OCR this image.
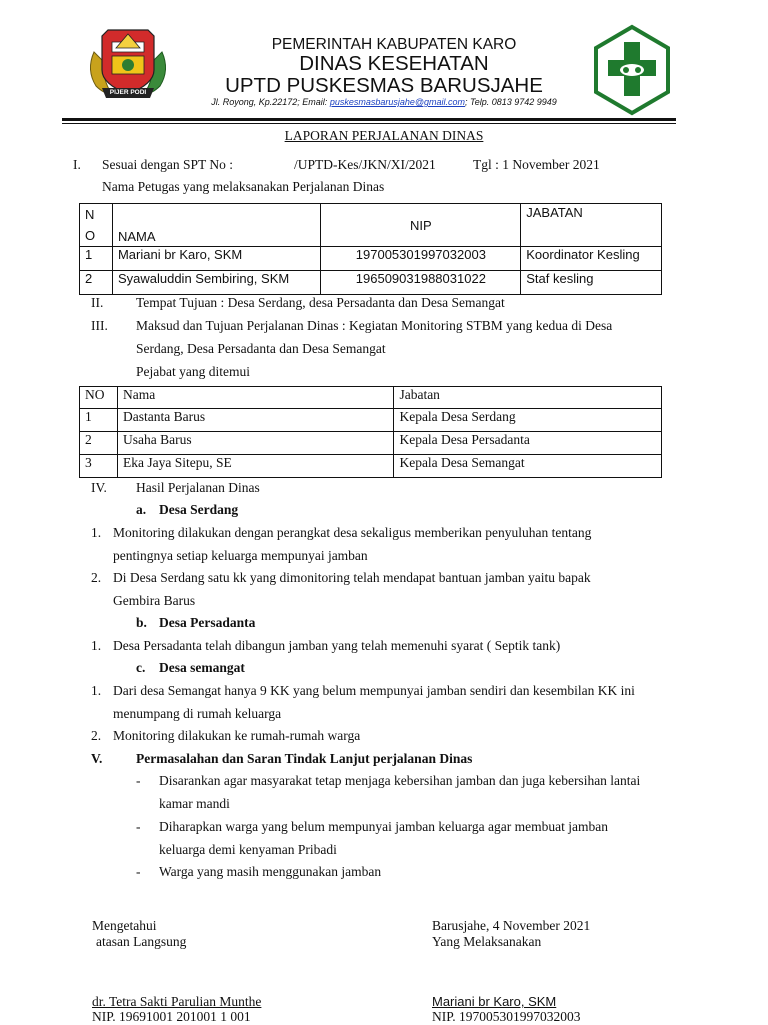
PIJER PODI
PEMERINTAH KABUPATEN KARO
DINAS KESEHATAN
UPTD PUSKESMAS BARUSJAHE
Jl. Royong, Kp.22172; Email: puskesmasbarusjahe@gmail.com; Telp. 0813 9742 9949
LAPORAN PERJALANAN DINAS
I. Sesuai dengan SPT No :	/UPTD-Kes/JKN/XI/2021	Tgl : 1 November 2021
Nama Petugas yang melaksanakan Perjalanan Dinas
N
O	NAMA	NIP	JABATAN
1	Mariani br Karo, SKM	197005301997032003	Koordinator Kesling
2	Syawaluddin Sembiring, SKM	196509031988031022	Staf kesling
II. Tempat Tujuan : Desa Serdang, desa Persadanta dan Desa Semangat
III. Maksud dan Tujuan Perjalanan Dinas : Kegiatan Monitoring STBM yang kedua di Desa
Serdang, Desa Persadanta dan Desa Semangat
Pejabat yang ditemui
NO	Nama	Jabatan
1	Dastanta Barus	Kepala Desa Serdang
2	Usaha Barus	Kepala Desa Persadanta
3	Eka Jaya Sitepu, SE	Kepala Desa Semangat
IV. Hasil Perjalanan Dinas
a. Desa Serdang
1. Monitoring dilakukan dengan perangkat desa sekaligus memberikan penyuluhan tentang
pentingnya setiap keluarga mempunyai jamban
2. Di Desa Serdang satu kk yang dimonitoring telah mendapat bantuan jamban yaitu bapak
Gembira Barus
b. Desa Persadanta
1. Desa Persadanta telah dibangun jamban yang telah memenuhi syarat ( Septik tank)
c. Desa semangat
1. Dari desa Semangat hanya 9 KK yang belum mempunyai jamban sendiri dan kesembilan KK ini
menumpang di rumah keluarga
2. Monitoring dilakukan ke rumah-rumah warga
V. Permasalahan dan Saran Tindak Lanjut perjalanan Dinas
- Disarankan agar masyarakat tetap menjaga kebersihan jamban dan juga kebersihan lantai
kamar mandi
- Diharapkan warga yang belum mempunyai jamban keluarga agar membuat jamban
keluarga demi kenyaman Pribadi
- Warga yang masih menggunakan jamban
Mengetahui
atasan Langsung
dr. Tetra Sakti Parulian Munthe
NIP. 19691001 201001 1 001
Barusjahe, 4 November 2021
Yang Melaksanakan
Mariani br Karo, SKM
NIP. 197005301997032003
